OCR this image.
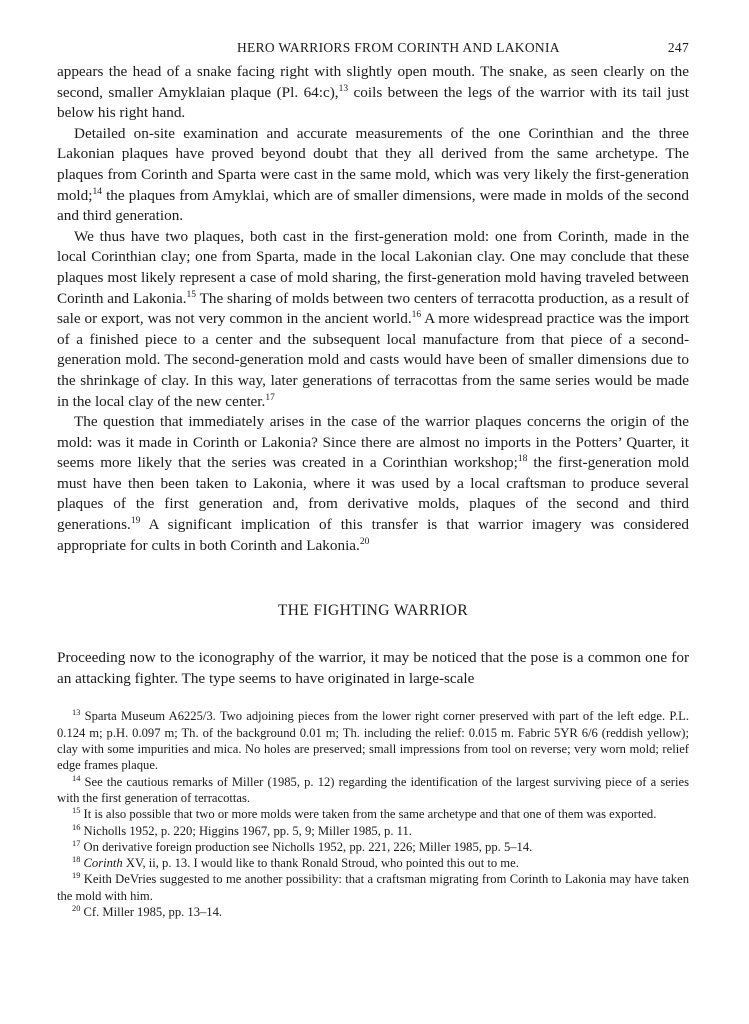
HERO WARRIORS FROM CORINTH AND LAKONIA	247

appears the head of a snake facing right with slightly open mouth. The snake, as seen clearly on the second, smaller Amyklaian plaque (Pl. 64:c),$^{13}$ coils between the legs of the warrior with its tail just below his right hand.

Detailed on-site examination and accurate measurements of the one Corinthian and the three Lakonian plaques have proved beyond doubt that they all derived from the same archetype. The plaques from Corinth and Sparta were cast in the same mold, which was very likely the first-generation mold;$^{14}$ the plaques from Amyklai, which are of smaller dimensions, were made in molds of the second and third generation.

We thus have two plaques, both cast in the first-generation mold: one from Corinth, made in the local Corinthian clay; one from Sparta, made in the local Lakonian clay. One may conclude that these plaques most likely represent a case of mold sharing, the first-generation mold having traveled between Corinth and Lakonia.$^{15}$ The sharing of molds between two centers of terracotta production, as a result of sale or export, was not very common in the ancient world.$^{16}$ A more widespread practice was the import of a finished piece to a center and the subsequent local manufacture from that piece of a second-generation mold. The second-generation mold and casts would have been of smaller dimensions due to the shrinkage of clay. In this way, later generations of terracottas from the same series would be made in the local clay of the new center.$^{17}$

The question that immediately arises in the case of the warrior plaques concerns the origin of the mold: was it made in Corinth or Lakonia? Since there are almost no imports in the Potters’ Quarter, it seems more likely that the series was created in a Corinthian workshop;$^{18}$ the first-generation mold must have then been taken to Lakonia, where it was used by a local craftsman to produce several plaques of the first generation and, from derivative molds, plaques of the second and third generations.$^{19}$ A significant implication of this transfer is that warrior imagery was considered appropriate for cults in both Corinth and Lakonia.$^{20}$

THE FIGHTING WARRIOR

Proceeding now to the iconography of the warrior, it may be noticed that the pose is a common one for an attacking fighter. The type seems to have originated in large-scale

$^{13}$ Sparta Museum A6225/3. Two adjoining pieces from the lower right corner preserved with part of the left edge. P.L. 0.124 m; p.H. 0.097 m; Th. of the background 0.01 m; Th. including the relief: 0.015 m. Fabric 5YR 6/6 (reddish yellow); clay with some impurities and mica. No holes are preserved; small impressions from tool on reverse; very worn mold; relief edge frames plaque.

$^{14}$ See the cautious remarks of Miller (1985, p. 12) regarding the identification of the largest surviving piece of a series with the first generation of terracottas.

$^{15}$ It is also possible that two or more molds were taken from the same archetype and that one of them was exported.

$^{16}$ Nicholls 1952, p. 220; Higgins 1967, pp. 5, 9; Miller 1985, p. 11.

$^{17}$ On derivative foreign production see Nicholls 1952, pp. 221, 226; Miller 1985, pp. 5–14.

$^{18}$ Corinth XV, ii, p. 13. I would like to thank Ronald Stroud, who pointed this out to me.

$^{19}$ Keith DeVries suggested to me another possibility: that a craftsman migrating from Corinth to Lakonia may have taken the mold with him.

$^{20}$ Cf. Miller 1985, pp. 13–14.
